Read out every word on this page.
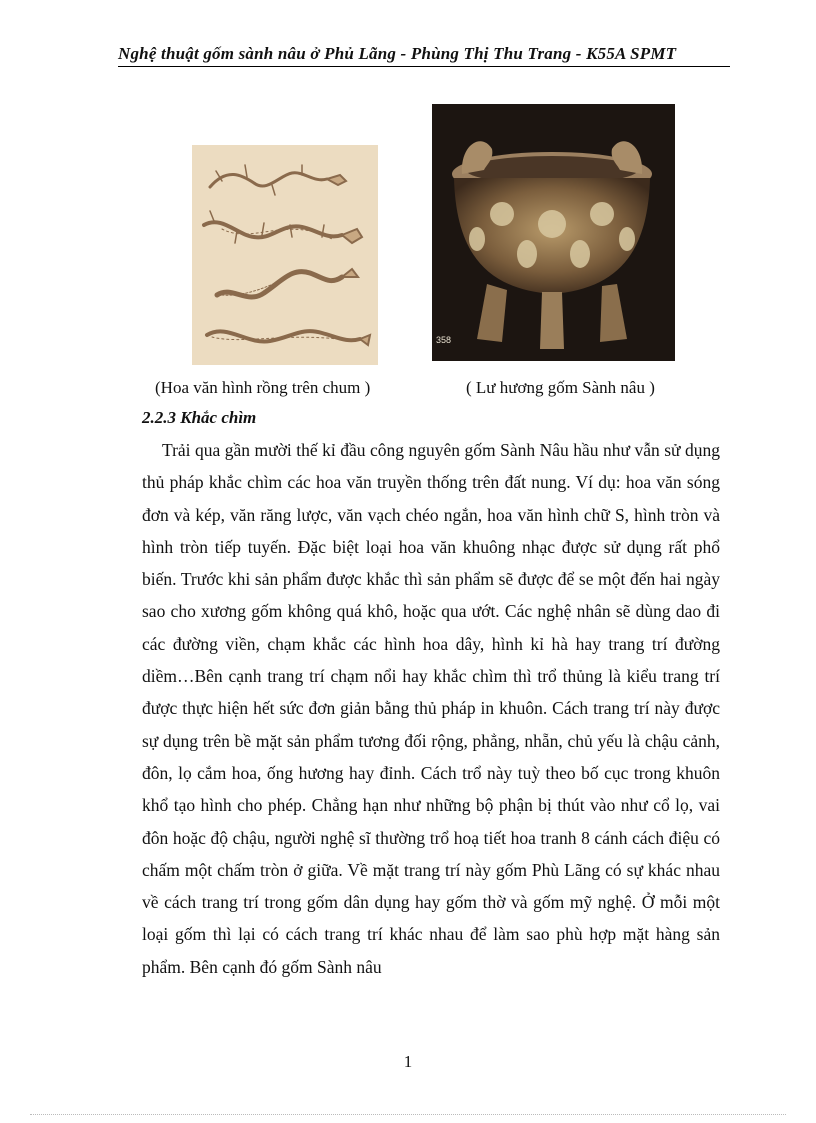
Nghệ thuật gốm sành nâu ở Phủ Lãng - Phùng Thị Thu Trang - K55A SPMT
358
(Hoa văn hình rồng trên chum )	( Lư hương gốm Sành nâu )
2.2.3 Khắc chìm

Trải qua gần mười thế kỉ đầu công nguyên gốm Sành Nâu hầu như vẫn sử dụng thủ pháp khắc chìm các hoa văn truyền thống trên đất nung. Ví dụ: hoa văn sóng đơn và kép, văn răng lược, văn vạch chéo ngắn, hoa văn hình chữ S, hình tròn và hình tròn tiếp tuyến. Đặc biệt loại hoa văn khuông nhạc được sử dụng rất phổ biến. Trước khi sản phẩm được khắc thì sản phẩm sẽ được để se một đến hai ngày sao cho xương gốm không quá khô, hoặc qua ướt. Các nghệ nhân sẽ dùng dao đi các đường viền, chạm khắc các hình hoa dây, hình kỉ hà hay trang trí đường diềm…Bên cạnh trang trí chạm nổi hay khắc chìm thì trổ thủng là kiểu trang trí được thực hiện hết sức đơn giản bằng thủ pháp in khuôn. Cách trang trí này được sự dụng trên bề mặt sản phẩm tương đối rộng, phẳng, nhẵn, chủ yếu là chậu cảnh, đôn, lọ cắm hoa, ống hương hay đỉnh. Cách trổ này tuỳ theo bố cục trong khuôn khổ tạo hình cho phép. Chẳng hạn như những bộ phận bị thút vào như cổ lọ, vai đôn hoặc độ chậu, người nghệ sĩ thường trổ hoạ tiết hoa tranh 8 cánh cách điệu có chấm một chấm tròn ở giữa. Về mặt trang trí này gốm Phù Lãng có sự khác nhau về cách trang trí trong gốm dân dụng hay gốm thờ và gốm mỹ nghệ. Ở mỗi một loại gốm thì lại có cách trang trí khác nhau để làm sao phù hợp mặt hàng sản phẩm. Bên cạnh đó gốm Sành nâu

1
